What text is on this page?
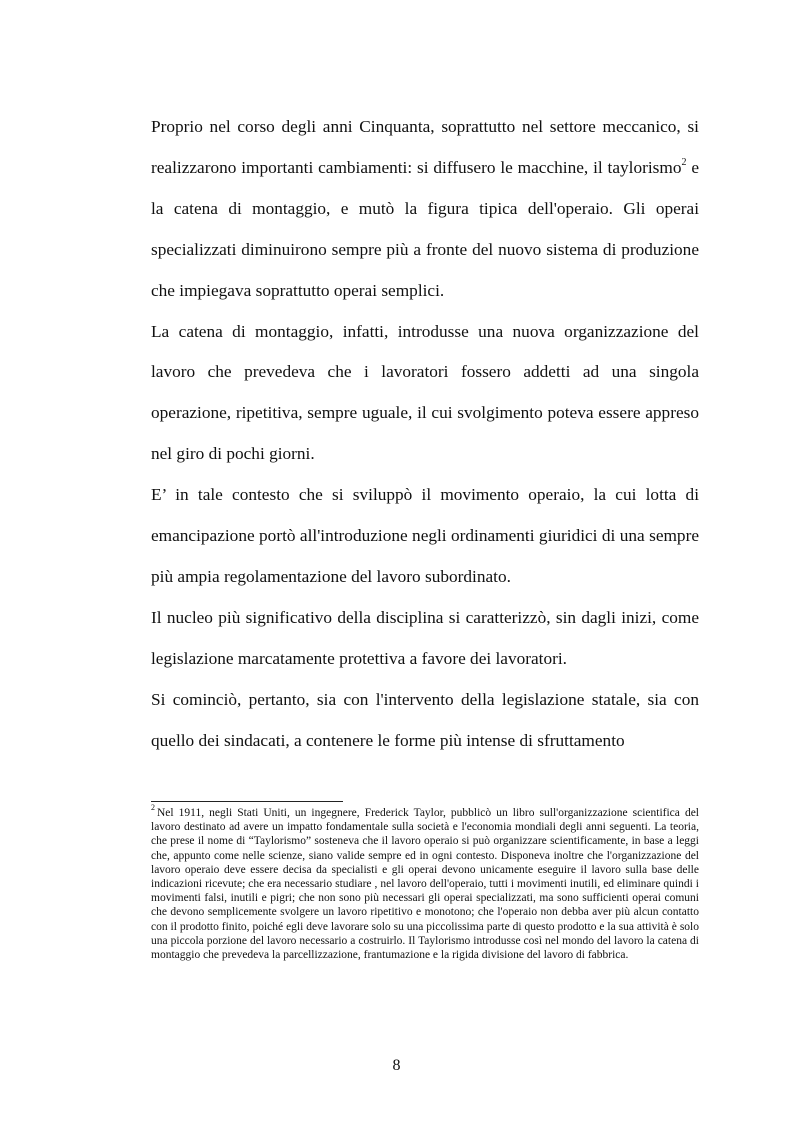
Proprio nel corso degli anni Cinquanta, soprattutto nel settore meccanico, si realizzarono importanti cambiamenti: si diffusero le macchine, il taylorismo$^2$ e la catena di montaggio, e mutò la figura tipica dell'operaio. Gli operai specializzati diminuirono sempre più a fronte del nuovo sistema di produzione che impiegava soprattutto operai semplici.

La catena di montaggio, infatti, introdusse una nuova organizzazione del lavoro che prevedeva che i lavoratori fossero addetti ad una singola operazione, ripetitiva, sempre uguale, il cui svolgimento poteva essere appreso nel giro di pochi giorni.

E’ in tale contesto che si sviluppò il movimento operaio, la cui lotta di emancipazione portò all'introduzione negli ordinamenti giuridici di una sempre più ampia regolamentazione del lavoro subordinato.

Il nucleo più significativo della disciplina si caratterizzò, sin dagli inizi, come legislazione marcatamente protettiva a favore dei lavoratori.

Si cominciò, pertanto, sia con l'intervento della legislazione statale, sia con quello dei sindacati, a contenere le forme più intense di sfruttamento

$^2$ Nel 1911, negli Stati Uniti, un ingegnere, Frederick Taylor, pubblicò un libro sull'organizzazione scientifica del lavoro destinato ad avere un impatto fondamentale sulla società e l'economia mondiali degli anni seguenti. La teoria, che prese il nome di “Taylorismo” sosteneva che il lavoro operaio si può organizzare scientificamente, in base a leggi che, appunto come nelle scienze, siano valide sempre ed in ogni contesto. Disponeva inoltre che l'organizzazione del lavoro operaio deve essere decisa da specialisti e gli operai devono unicamente eseguire il lavoro sulla base delle indicazioni ricevute; che era necessario studiare , nel lavoro dell'operaio, tutti i movimenti inutili, ed eliminare quindi i movimenti falsi, inutili e pigri; che non sono più necessari gli operai specializzati, ma sono sufficienti operai comuni che devono semplicemente svolgere un lavoro ripetitivo e monotono; che l'operaio non debba aver più alcun contatto con il prodotto finito, poiché egli deve lavorare solo su una piccolissima parte di questo prodotto e la sua attività è solo una piccola porzione del lavoro necessario a costruirlo. Il Taylorismo introdusse così nel mondo del lavoro la catena di montaggio che prevedeva la parcellizzazione, frantumazione e la rigida divisione del lavoro di fabbrica.

8
